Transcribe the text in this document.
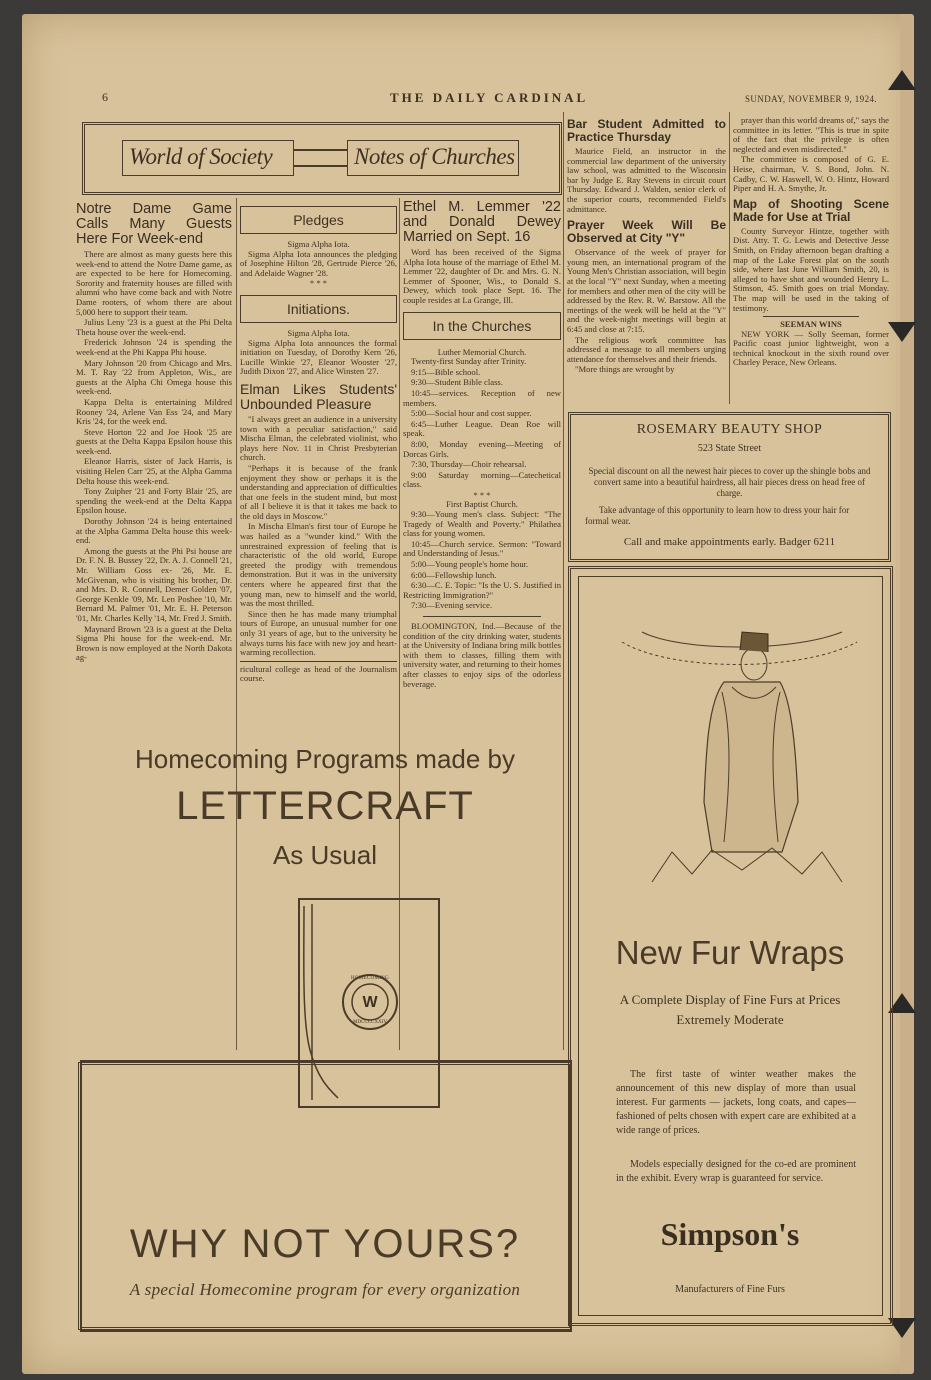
6	THE DAILY CARDINAL	SUNDAY, NOVEMBER 9, 1924.
World of Society	Notes of Churches
Notre Dame Game Calls Many Guests Here For Week-end

There are almost as many guests here this week-end to attend the Notre Dame game, as are expected to be here for Homecoming. Sorority and fraternity houses are filled with alumni who have come back and with Notre Dame rooters, of whom there are about 5,000 here to support their team.

Julius Leny '23 is a guest at the Phi Delta Theta house over the week-end.

Frederick Johnson '24 is spending the week-end at the Phi Kappa Phi house.

Mary Johnson '20 from Chicago and Mrs. M. T. Ray '22 from Appleton, Wis., are guests at the Alpha Chi Omega house this week-end.

Kappa Delta is entertaining Mildred Rooney '24, Arlene Van Ess '24, and Mary Kris '24, for the week end.

Steve Horton '22 and Joe Hook '25 are guests at the Delta Kappa Epsilon house this week-end.

Eleanor Harris, sister of Jack Harris, is visiting Helen Carr '25, at the Alpha Gamma Delta house this week-end.

Tony Zuipher '21 and Forty Blair '25, are spending the week-end at the Delta Kappa Epsilon house.

Dorothy Johnson '24 is being entertained at the Alpha Gamma Delta house this week-end.

Among the guests at the Phi Psi house are Dr. F. N. B. Bussey '22, Dr. A. J. Connell '21, Mr. William Goss ex- '26, Mr. E. McGivenan, who is visiting his brother, Dr. and Mrs. D. R. Connell, Demer Golden '07, George Kenkle '09, Mr. Len Poshee '10, Mr. Bernard M. Palmer '01, Mr. E. H. Peterson '01, Mr. Charles Kelly '14, Mr. Fred J. Smith.

Maynard Brown '23 is a guest at the Delta Sigma Phi house for the week-end. Mr. Brown is now employed at the North Dakota ag-

Pledges
Sigma Alpha Iota.

Sigma Alpha Iota announces the pledging of Josephine Hilton '28, Gertrude Pierce '26, and Adelaide Wagner '28.

* * *
Initiations.
Sigma Alpha Iota.

Sigma Alpha Iota announces the formal initiation on Tuesday, of Dorothy Kern '26, Lucille Winkie '27, Eleanor Wooster '27, Judith Dixon '27, and Alice Winsten '27.

Elman Likes Students' Unbounded Pleasure

"I always greet an audience in a university town with a peculiar satisfaction," said Mischa Elman, the celebrated violinist, who plays here Nov. 11 in Christ Presbyterian church.

"Perhaps it is because of the frank enjoyment they show or perhaps it is the understanding and appreciation of difficulties that one feels in the student mind, but most of all I believe it is that it takes me back to the old days in Moscow."

In Mischa Elman's first tour of Europe he was hailed as a "wunder kind." With the unrestrained expression of feeling that is characteristic of the old world, Europe greeted the prodigy with tremendous demonstration. But it was in the university centers where he appeared first that the young man, new to himself and the world, was the most thrilled.

Since then he has made many triumphal tours of Europe, an unusual number for one only 31 years of age, but to the university he always turns his face with new joy and heart-warming recollection.

ricultural college as head of the Journalism course.

Ethel M. Lemmer '22 and Donald Dewey Married on Sept. 16

Word has been received of the Sigma Alpha Iota house of the marriage of Ethel M. Lemmer '22, daughter of Dr. and Mrs. G. N. Lemmer of Spooner, Wis., to Donald S. Dewey, which took place Sept. 16. The couple resides at La Grange, Ill.

In the Churches
Luther Memorial Church.

Twenty-first Sunday after Trinity.

9:15—Bible school.

9:30—Student Bible class.

10:45—services. Reception of new members.

5:00—Social hour and cost supper.

6:45—Luther League. Dean Roe will speak.

8:00, Monday evening—Meeting of Dorcas Girls.

7:30, Thursday—Choir rehearsal.

9:00 Saturday morning—Catechetical class.

* * *
First Baptist Church.

9:30—Young men's class. Subject: "The Tragedy of Wealth and Poverty." Philathea class for young women.

10:45—Church service. Sermon: "Toward and Understanding of Jesus."

5:00—Young people's home hour.

6:00—Fellowship lunch.

6:30—C. E. Topic: "Is the U. S. Justified in Restricting Immigration?"

7:30—Evening service.

BLOOMINGTON, Ind.—Because of the condition of the city drinking water, students at the University of Indiana bring milk bottles with them to classes, filling them with university water, and returning to their homes after classes to enjoy sips of the odorless beverage.

Bar Student Admitted to Practice Thursday

Maurice Field, an instructor in the commercial law department of the university law school, was admitted to the Wisconsin bar by Judge E. Ray Stevens in circuit court Thursday. Edward J. Walden, senior clerk of the superior courts, recommended Field's admittance.

Prayer Week Will Be Observed at City "Y"

Observance of the week of prayer for young men, an international program of the Young Men's Christian association, will begin at the local "Y" next Sunday, when a meeting for members and other men of the city will be addressed by the Rev. R. W. Barstow. All the meetings of the week will be held at the "Y" and the week-night meetings will begin at 6:45 and close at 7:15.

The religious work committee has addressed a message to all members urging attendance for themselves and their friends.

"More things are wrought by

prayer than this world dreams of," says the committee in its letter. "This is true in spite of the fact that the privilege is often neglected and even misdirected."

The committee is composed of G. E. Heise, chairman, V. S. Bond, John. N. Cadby, C. W. Haswell, W. O. Hintz, Howard Piper and H. A. Smythe, Jr.

Map of Shooting Scene Made for Use at Trial

County Surveyor Hintze, together with Dist. Atty. T. G. Lewis and Detective Jesse Smith, on Friday afternoon began drafting a map of the Lake Forest plat on the south side, where last June William Smith, 20, is alleged to have shot and wounded Henry L. Stimson, 45. Smith goes on trial Monday. The map will be used in the taking of testimony.

SEEMAN WINS

NEW YORK — Solly Seeman, former Pacific coast junior lightweight, won a technical knockout in the sixth round over Charley Perace, New Orleans.

ROSEMARY BEAUTY SHOP
523 State Street
Special discount on all the newest hair pieces to cover up the shingle bobs and convert same into a beautiful hairdress, all hair pieces dress on head free of charge.
Take advantage of this opportunity to learn how to dress your hair for formal wear.
Call and make appointments early. Badger 6211
Homecoming Programs made by
LETTERCRAFT
As Usual
W
HOMECOMING
MDCCCCXXIV
WHY NOT YOURS?
A special Homecomine program for every organization
New Fur Wraps
A Complete Display of Fine Furs at Prices Extremely Moderate
The first taste of winter weather makes the announcement of this new display of more than usual interest. Fur garments — jackets, long coats, and capes—fashioned of pelts chosen with expert care are exhibited at a wide range of prices.
Models especially designed for the co-ed are prominent in the exhibit. Every wrap is guaranteed for service.
Simpson's
Manufacturers of Fine Furs
